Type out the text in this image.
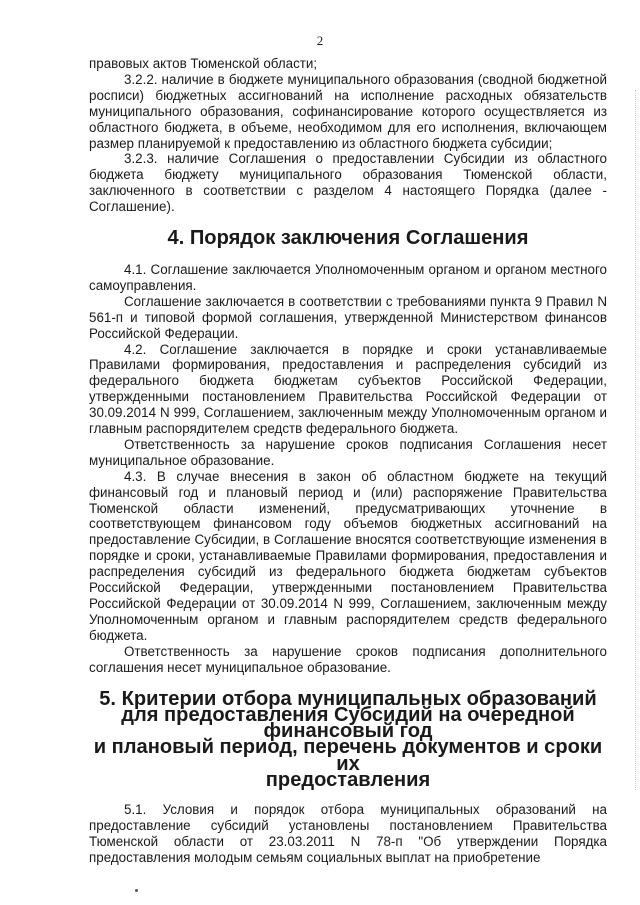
2

правовых актов Тюменской области;

3.2.2. наличие в бюджете муниципального образования (сводной бюджетной росписи) бюджетных ассигнований на исполнение расходных обязательств муниципального образования, софинансирование которого осуществляется из областного бюджета, в объеме, необходимом для его исполнения, включающем размер планируемой к предоставлению из областного бюджета субсидии;

3.2.3. наличие Соглашения о предоставлении Субсидии из областного бюджета бюджету муниципального образования Тюменской области, заключенного в соответствии с разделом 4 настоящего Порядка (далее - Соглашение).

4. Порядок заключения Соглашения

4.1. Соглашение заключается Уполномоченным органом и органом местного самоуправления.

Соглашение заключается в соответствии с требованиями пункта 9 Правил N 561-п и типовой формой соглашения, утвержденной Министерством финансов Российской Федерации.

4.2. Соглашение заключается в порядке и сроки устанавливаемые Правилами формирования, предоставления и распределения субсидий из федерального бюджета бюджетам субъектов Российской Федерации, утвержденными постановлением Правительства Российской Федерации от 30.09.2014 N 999, Соглашением, заключенным между Уполномоченным органом и главным распорядителем средств федерального бюджета.

Ответственность за нарушение сроков подписания Соглашения несет муниципальное образование.

4.3. В случае внесения в закон об областном бюджете на текущий финансовый год и плановый период и (или) распоряжение Правительства Тюменской области изменений, предусматривающих уточнение в соответствующем финансовом году объемов бюджетных ассигнований на предоставление Субсидии, в Соглашение вносятся соответствующие изменения в порядке и сроки, устанавливаемые Правилами формирования, предоставления и распределения субсидий из федерального бюджета бюджетам субъектов Российской Федерации, утвержденными постановлением Правительства Российской Федерации от 30.09.2014 N 999, Соглашением, заключенным между Уполномоченным органом и главным распорядителем средств федерального бюджета.

Ответственность за нарушение сроков подписания дополнительного соглашения несет муниципальное образование.

5. Критерии отбора муниципальных образований
для предоставления Субсидий на очередной финансовый год
и плановый период, перечень документов и сроки их
предоставления

5.1. Условия и порядок отбора муниципальных образований на предоставление субсидий установлены постановлением Правительства Тюменской области от 23.03.2011 N 78-п "Об утверждении Порядка предоставления молодым семьям социальных выплат на приобретение
